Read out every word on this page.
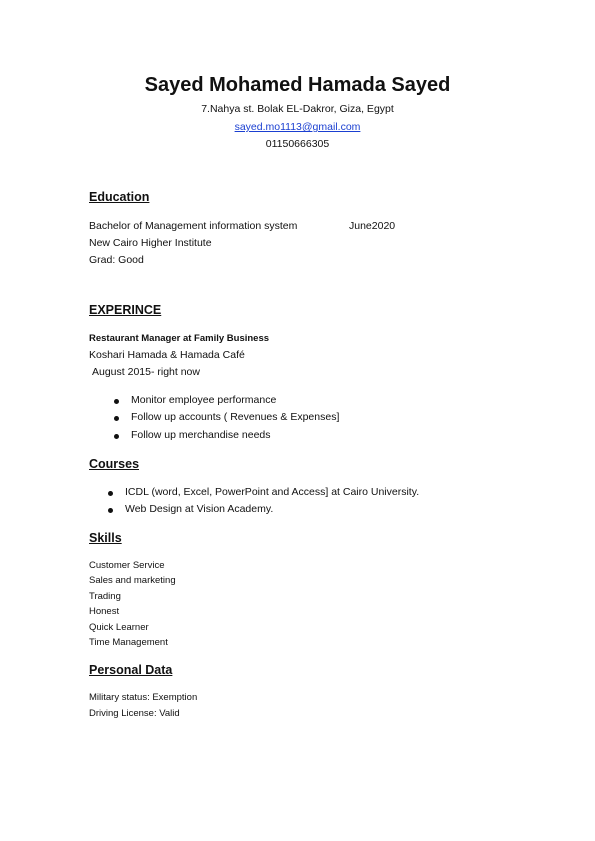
Sayed Mohamed Hamada Sayed
7.Nahya st. Bolak EL-Dakror, Giza, Egypt
sayed.mo1113@gmail.com
01150666305
Education
Bachelor of Management information system	June2020
New Cairo Higher Institute
Grad: Good
EXPERINCE
Restaurant Manager at Family Business
Koshari Hamada & Hamada Café
August 2015- right now
Monitor employee performance
Follow up accounts ( Revenues & Expenses]
Follow up merchandise needs
Courses
ICDL (word, Excel, PowerPoint and Access] at Cairo University.
Web Design at Vision Academy.
Skills
Customer Service
Sales and marketing
Trading
Honest
Quick Learner
Time Management
Personal Data
Military status: Exemption
Driving License: Valid
